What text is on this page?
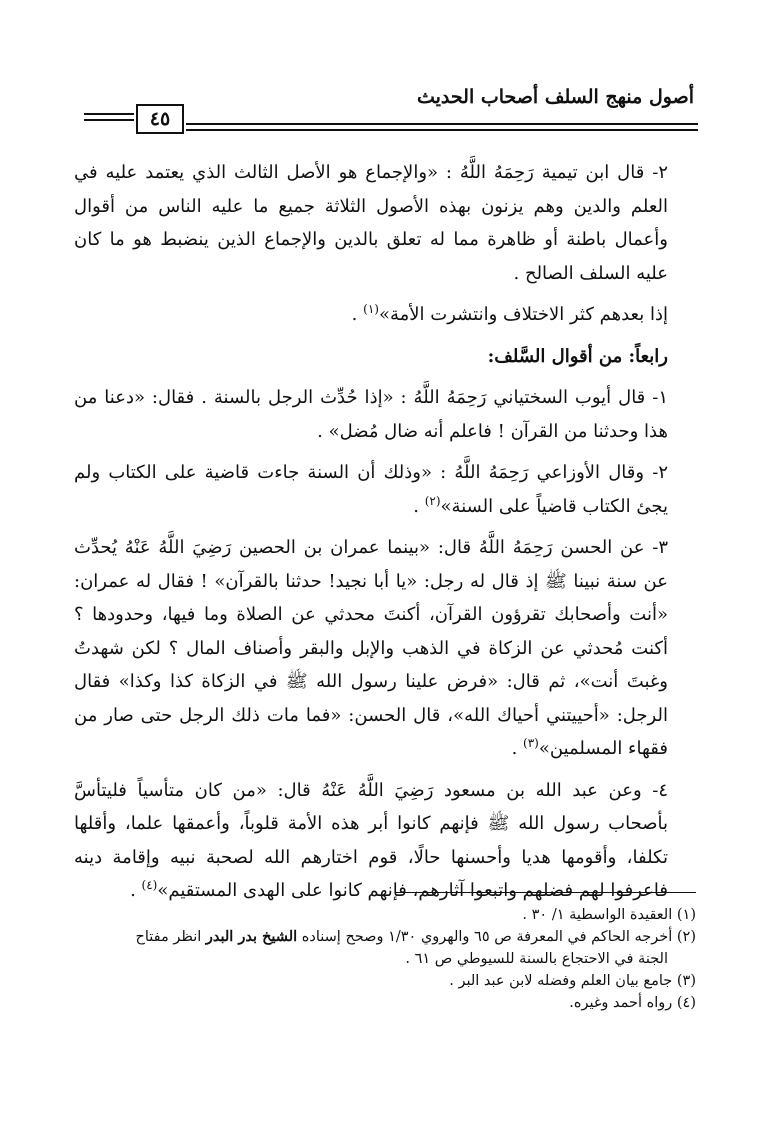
أصول منهج السلف أصحاب الحديث
٤٥

٢- قال ابن تيمية رَحِمَهُ اللَّهُ : «والإجماع هو الأصل الثالث الذي يعتمد عليه في العلم والدين وهم يزنون بهذه الأصول الثلاثة جميع ما عليه الناس من أقوال وأعمال باطنة أو ظاهرة مما له تعلق بالدين والإجماع الذين ينضبط هو ما كان عليه السلف الصالح .

إذا بعدهم كثر الاختلاف وانتشرت الأمة»$^{(١)}$ .

رابعاً: من أقوال السَّلف:

١- قال أيوب السختياني رَحِمَهُ اللَّهُ : «إذا حُدِّث الرجل بالسنة . فقال: «دعنا من هذا وحدثنا من القرآن ! فاعلم أنه ضال مُضل» .

٢- وقال الأوزاعي رَحِمَهُ اللَّهُ : «وذلك أن السنة جاءت قاضية على الكتاب ولم يجئ الكتاب قاضياً على السنة»$^{(٢)}$ .

٣- عن الحسن رَحِمَهُ اللَّهُ قال: «بينما عمران بن الحصين رَضِيَ اللَّهُ عَنْهُ يُحدِّث عن سنة نبينا ﷺ إذ قال له رجل: «يا أبا نجيد! حدثنا بالقرآن» ! فقال له عمران: «أنت وأصحابك تقرؤون القرآن، أكنتَ محدثي عن الصلاة وما فيها، وحدودها ؟ أكنت مُحدثي عن الزكاة في الذهب والإبل والبقر وأصناف المال ؟ لكن شهدتُ وغبتَ أنت»، ثم قال: «فرض علينا رسول الله ﷺ في الزكاة كذا وكذا» فقال الرجل: «أحييتني أحياك الله»، قال الحسن: «فما مات ذلك الرجل حتى صار من فقهاء المسلمين»$^{(٣)}$ .

٤- وعن عبد الله بن مسعود رَضِيَ اللَّهُ عَنْهُ قال: «من كان متأسياً فليتأسَّ بأصحاب رسول الله ﷺ فإنهم كانوا أبر هذه الأمة قلوباً، وأعمقها علما، وأقلها تكلفا، وأقومها هديا وأحسنها حالًا، قوم اختارهم الله لصحبة نبيه وإقامة دينه فاعرفوا لهم فضلهم واتبعوا آثارهم، فإنهم كانوا على الهدى المستقيم»$^{(٤)}$ .

(١) العقيدة الواسطية ١/ ٣٠ .

(٢) أخرجه الحاكم في المعرفة ص ٦٥ والهروي ١/٣٠ وصحح إسناده الشيخ بدر البدر انظر مفتاح

الجنة في الاحتجاع بالسنة للسيوطي ص ٦١ .

(٣) جامع بيان العلم وفضله لابن عبد البر .

(٤) رواه أحمد وغيره.
